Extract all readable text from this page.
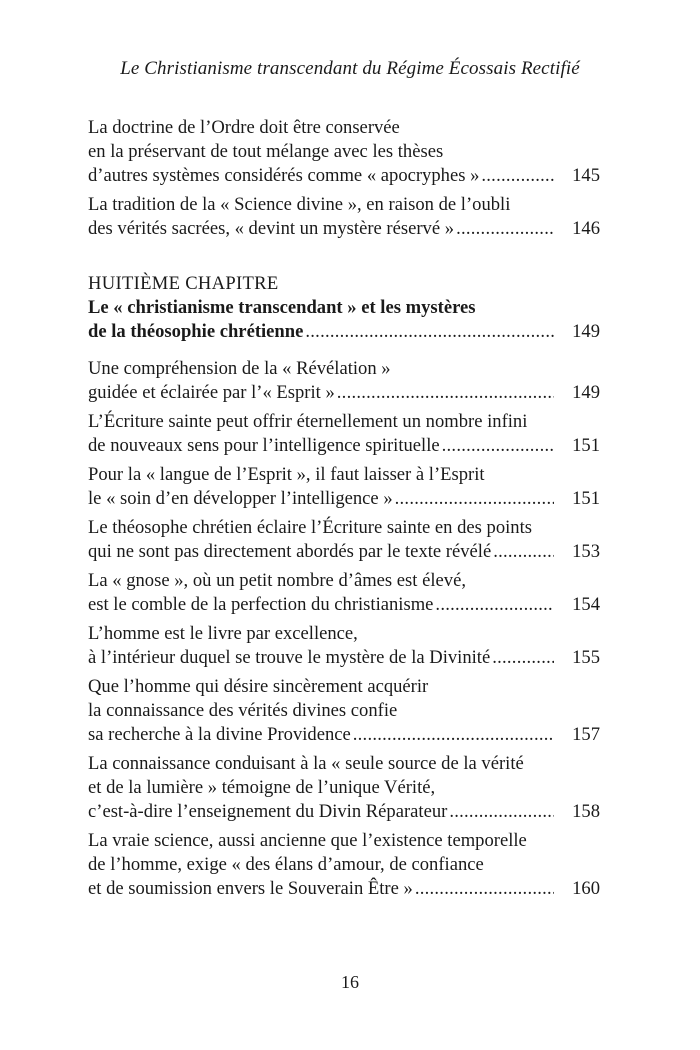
Le Christianisme transcendant du Régime Écossais Rectifié
La doctrine de l’Ordre doit être conservée
en la préservant de tout mélange avec les thèses
d’autres systèmes considérés comme « apocryphes » . . .	145
La tradition de la « Science divine », en raison de l’oubli
des vérités sacrées, « devint un mystère réservé » . . .	146
HUITIÈME CHAPITRE
Le « christianisme transcendant » et les mystères
de la théosophie chrétienne . . .	149
Une compréhension de la « Révélation »
guidée et éclairée par l’« Esprit » . . .	149
L’Écriture sainte peut offrir éternellement un nombre infini
de nouveaux sens pour l’intelligence spirituelle . . .	151
Pour la « langue de l’Esprit », il faut laisser à l’Esprit
le « soin d’en développer l’intelligence » . . .	151
Le théosophe chrétien éclaire l’Écriture sainte en des points
qui ne sont pas directement abordés par le texte révélé . . .	153
La « gnose », où un petit nombre d’âmes est élevé,
est le comble de la perfection du christianisme . . .	154
L’homme est le livre par excellence,
à l’intérieur duquel se trouve le mystère de la Divinité . . .	155
Que l’homme qui désire sincèrement acquérir
la connaissance des vérités divines confie
sa recherche à la divine Providence . . .	157
La connaissance conduisant à la « seule source de la vérité
et de la lumière » témoigne de l’unique Vérité,
c’est-à-dire l’enseignement du Divin Réparateur . . .	158
La vraie science, aussi ancienne que l’existence temporelle
de l’homme, exige « des élans d’amour, de confiance
et de soumission envers le Souverain Être » . . .	160
16
